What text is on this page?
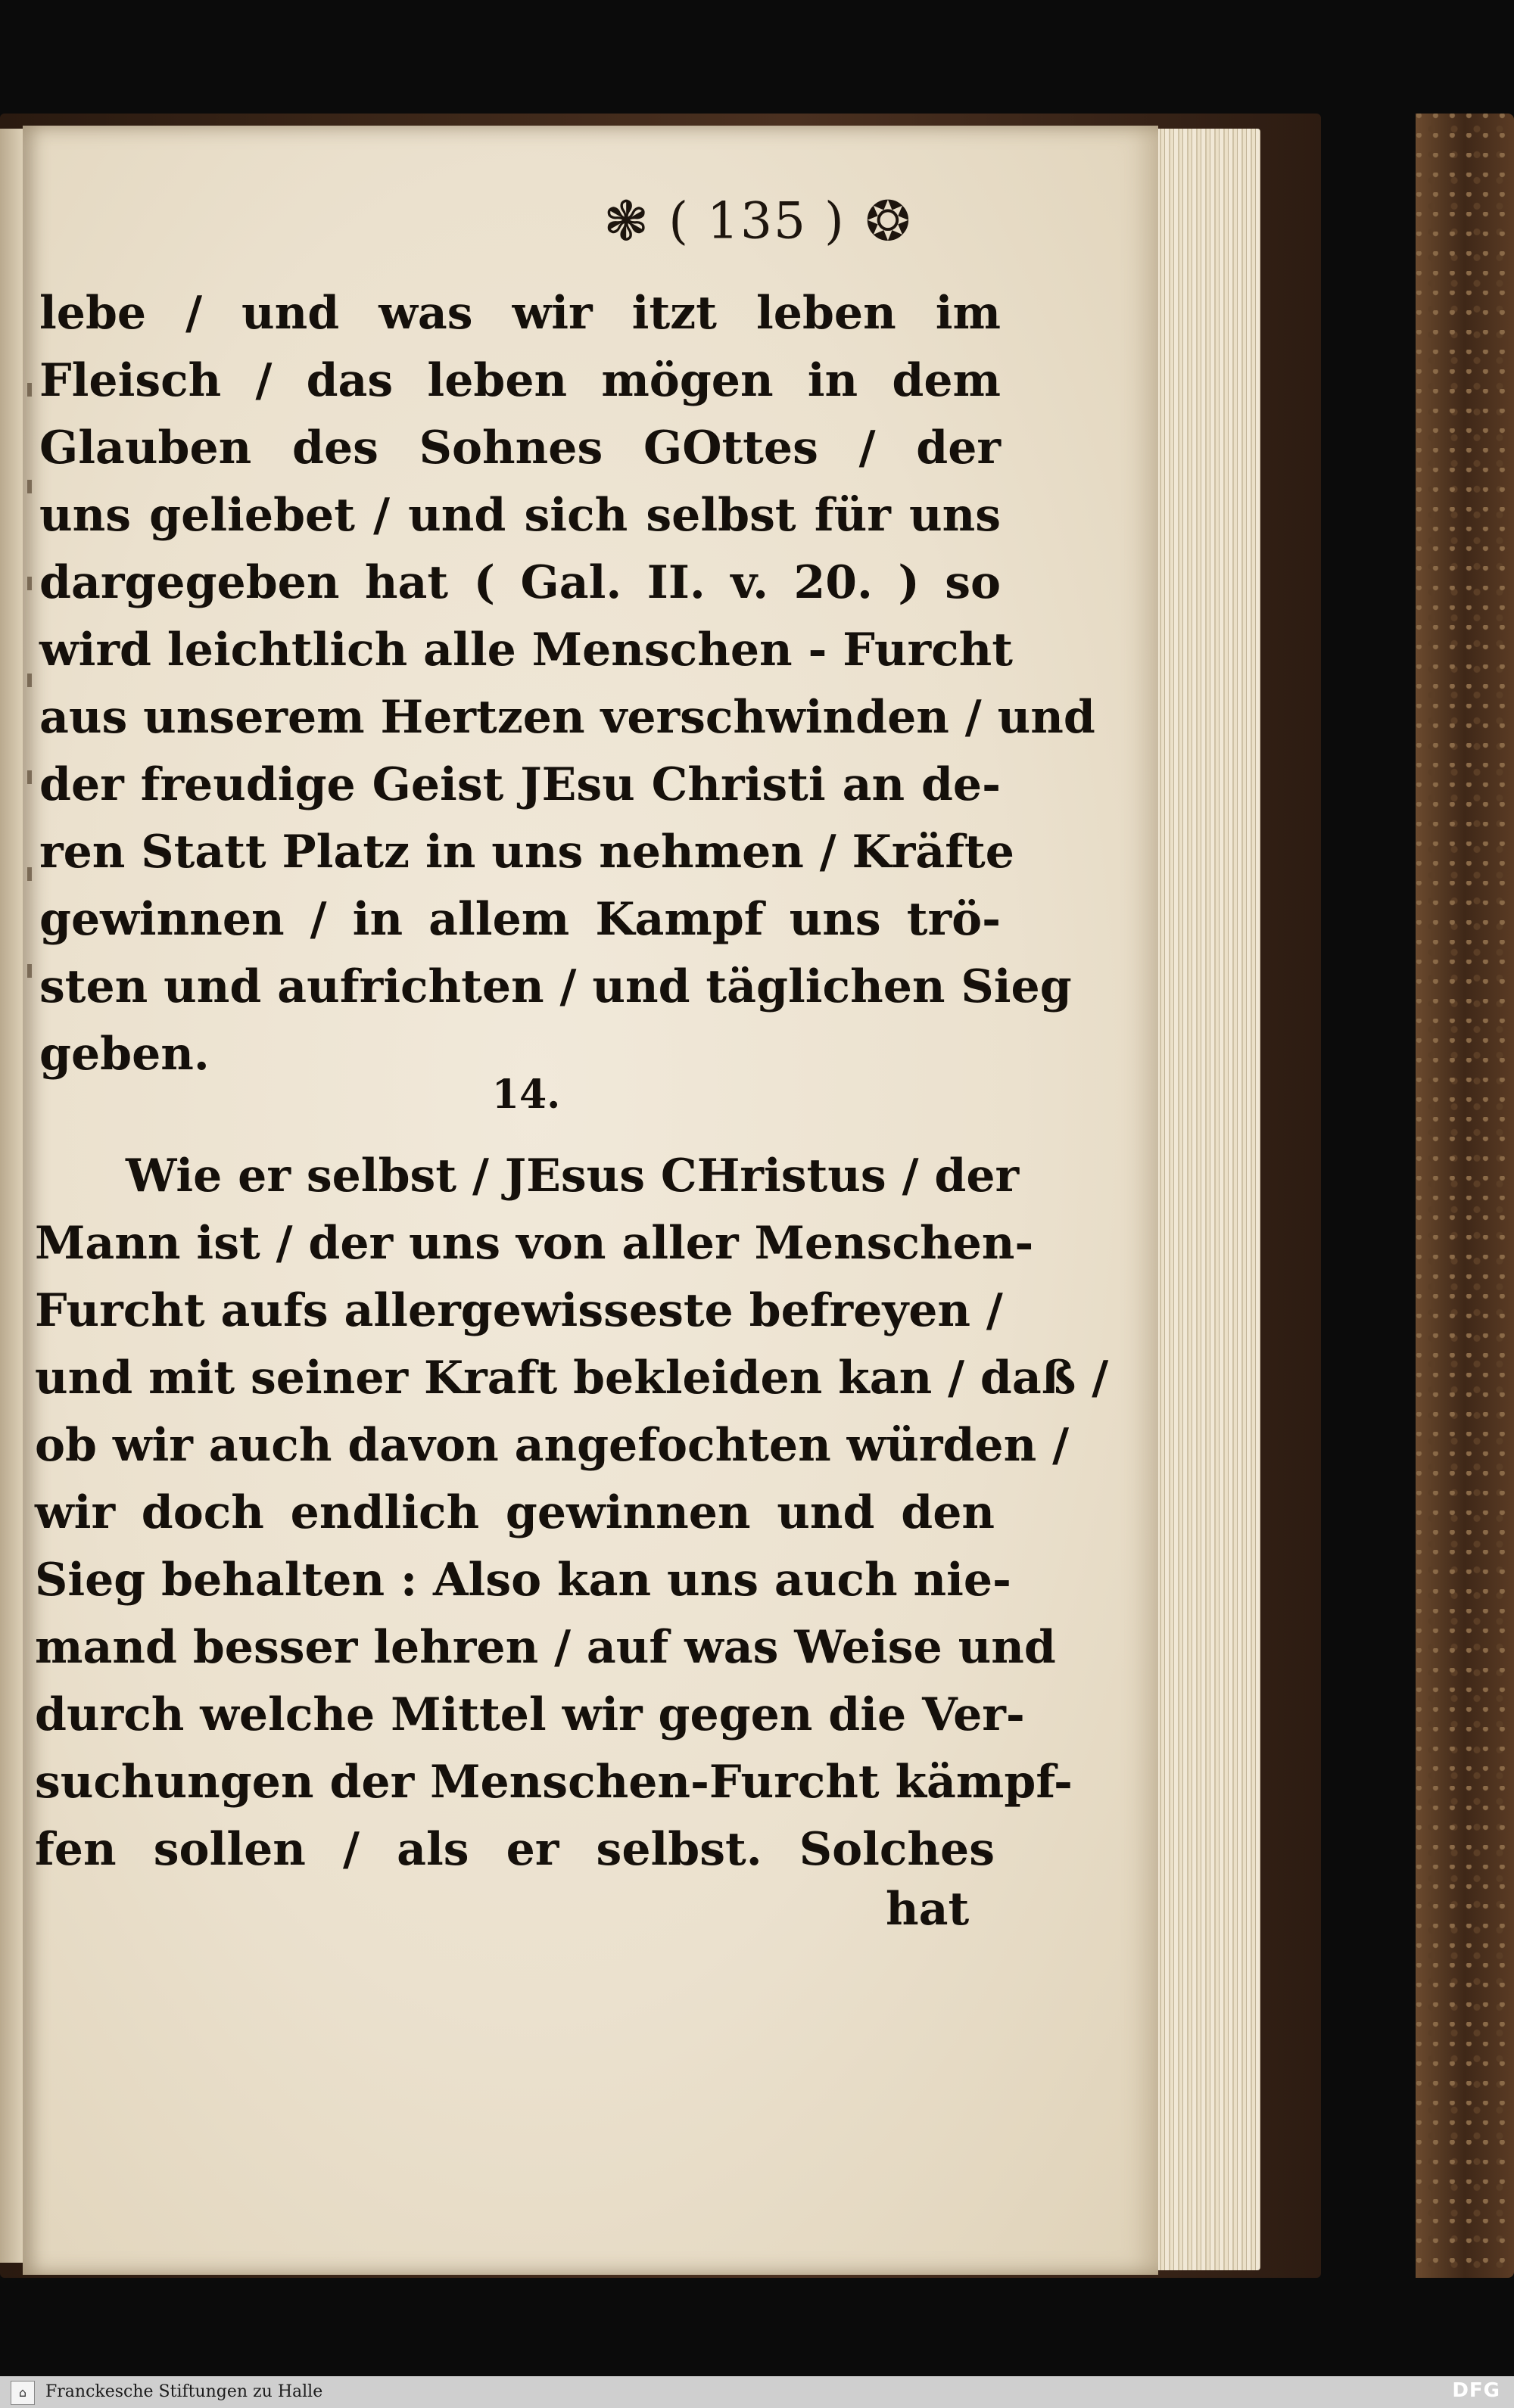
❃ ( 135 ) ❂
lebe / und was wir itzt leben im
Fleisch / das leben mögen in dem
Glauben des Sohnes GOttes / der
uns geliebet / und sich selbst für uns
dargegeben hat ( Gal. II. v. 20. ) so
wird leichtlich alle Menschen - Furcht
aus unserem Hertzen verschwinden / und
der freudige Geist JEsu Christi an de-
ren Statt Platz in uns nehmen / Kräfte
gewinnen / in allem Kampf uns trö-
sten und aufrichten / und täglichen Sieg
geben.
14.
Wie er selbst / JEsus CHristus / der
Mann ist / der uns von aller Menschen-
Furcht aufs allergewisseste befreyen /
und mit seiner Kraft bekleiden kan / daß /
ob wir auch davon angefochten würden /
wir doch endlich gewinnen und den
Sieg behalten : Also kan uns auch nie-
mand besser lehren / auf was Weise und
durch welche Mittel wir gegen die Ver-
suchungen der Menschen-Furcht kämpf-
fen sollen / als er selbst. Solches
hat
⌂	Franckesche Stiftungen zu Halle	DFG
